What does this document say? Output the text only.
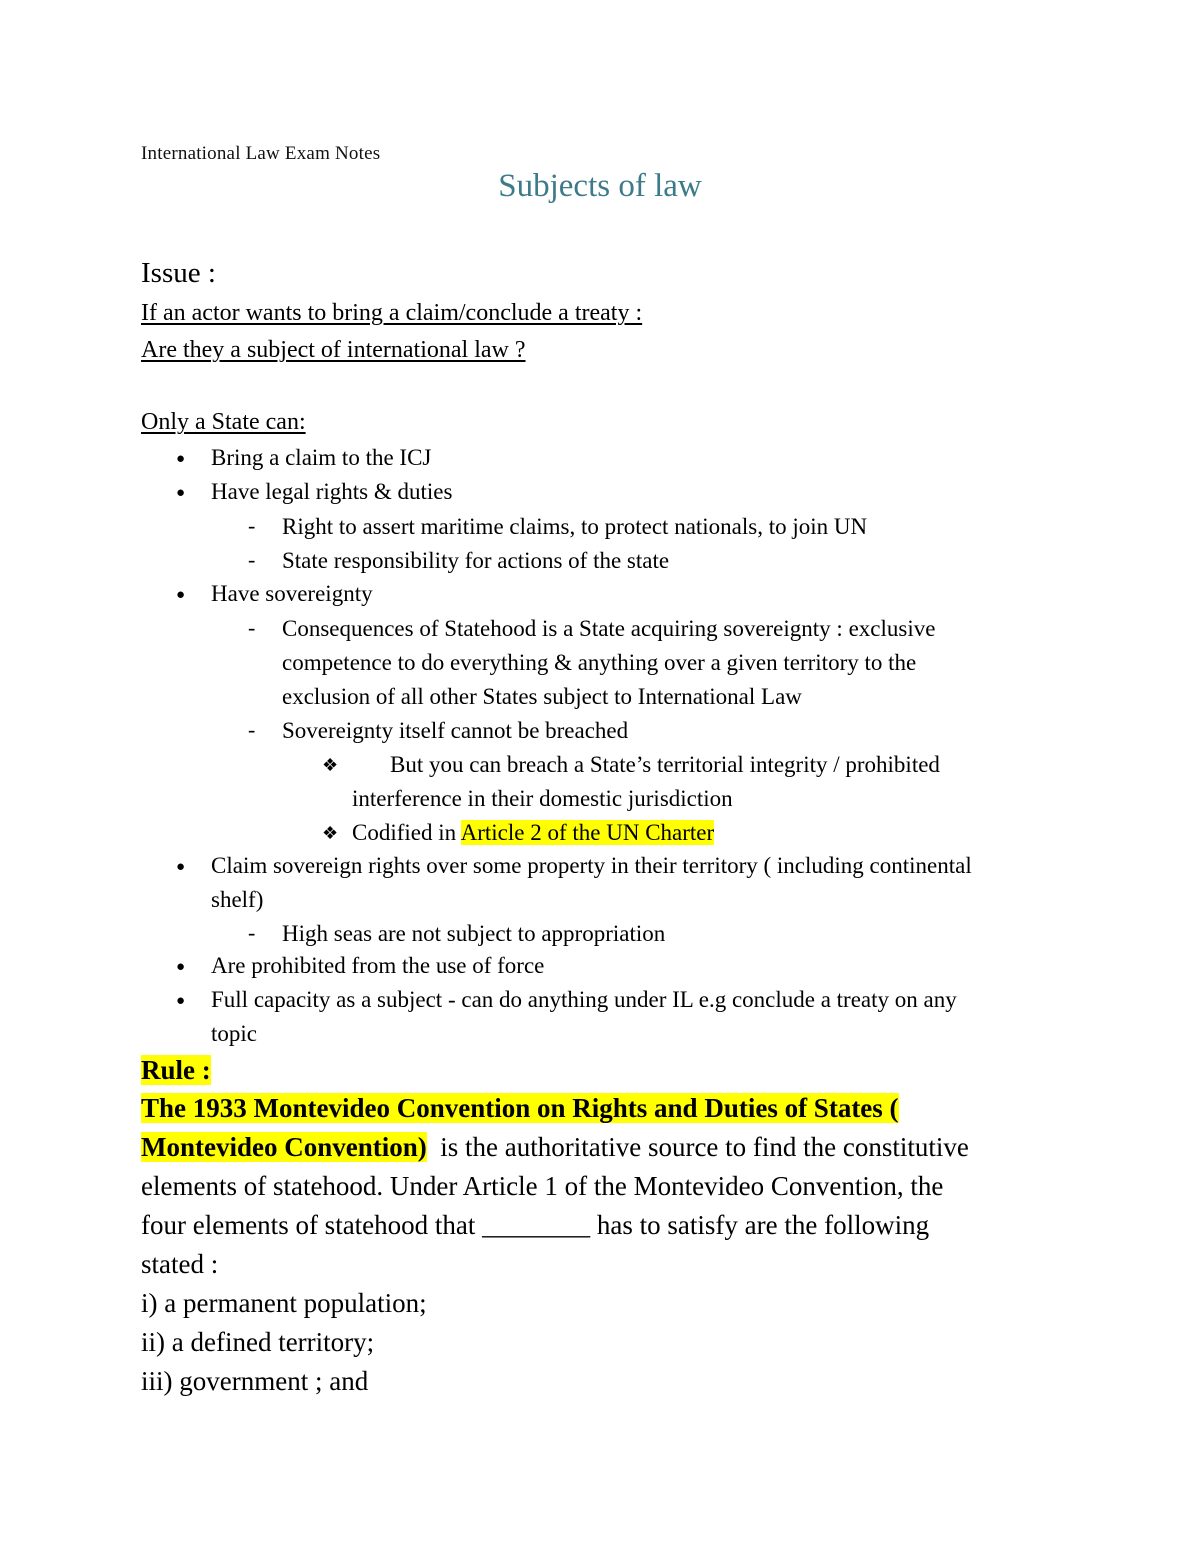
International Law Exam Notes
Subjects of law
Issue :
If an actor wants to bring a claim/conclude a treaty :
Are they a subject of international law ?
Only a State can:
● Bring a claim to the ICJ
● Have legal rights & duties
- Right to assert maritime claims, to protect nationals, to join UN
- State responsibility for actions of the state
● Have sovereignty
- Consequences of Statehood is a State acquiring sovereignty : exclusive
competence to do everything & anything over a given territory to the
exclusion of all other States subject to International Law
- Sovereignty itself cannot be breached
❖ But you can breach a State’s territorial integrity / prohibited
interference in their domestic jurisdiction
❖ Codified in Article 2 of the UN Charter
● Claim sovereign rights over some property in their territory ( including continental
shelf)
- High seas are not subject to appropriation
● Are prohibited from the use of force
● Full capacity as a subject - can do anything under IL e.g conclude a treaty on any
topic
Rule :
The 1933 Montevideo Convention on Rights and Duties of States (
Montevideo Convention)  is the authoritative source to find the constitutive
elements of statehood. Under Article 1 of the Montevideo Convention, the
four elements of statehood that ________ has to satisfy are the following
stated :
i) a permanent population;
ii) a defined territory;
iii) government ; and
